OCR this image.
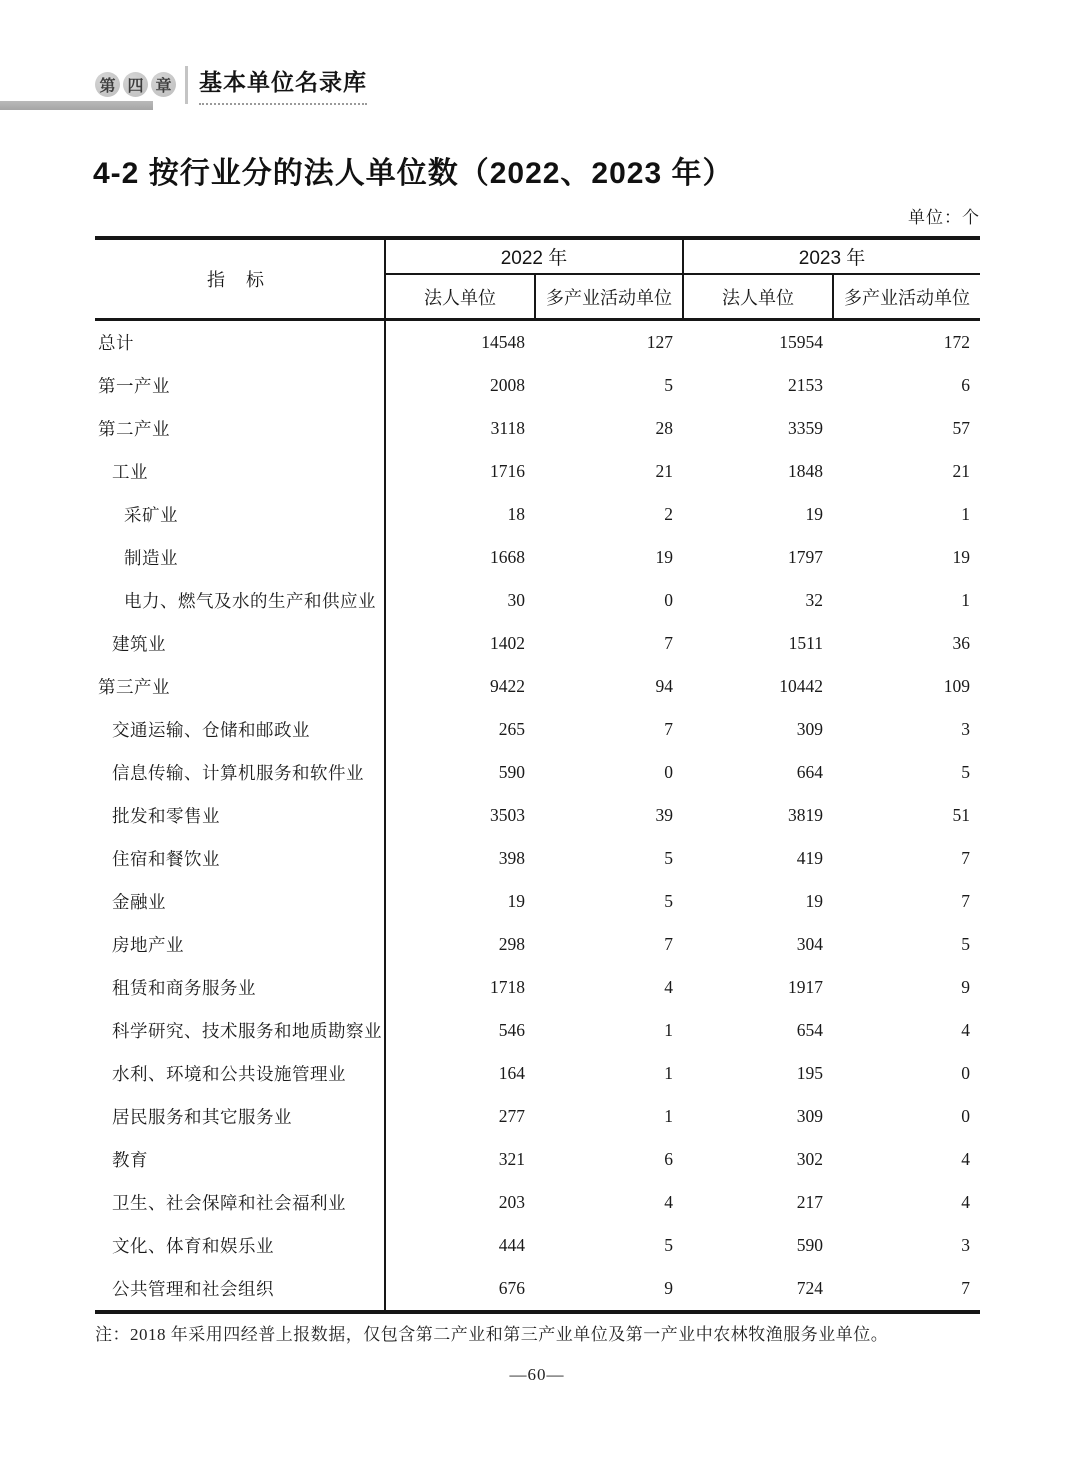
第 四 章 基本单位名录库
4-2 按行业分的法人单位数（2022、2023 年）
单位：个
指 标	2022 年		2023 年	
	法人单位	多产业活动单位	法人单位	多产业活动单位
总计	14548	127	15954	172
第一产业	2008	5	2153	6
第二产业	3118	28	3359	57
工业	1716	21	1848	21
采矿业	18	2	19	1
制造业	1668	19	1797	19
电力、燃气及水的生产和供应业	30	0	32	1
建筑业	1402	7	1511	36
第三产业	9422	94	10442	109
交通运输、仓储和邮政业	265	7	309	3
信息传输、计算机服务和软件业	590	0	664	5
批发和零售业	3503	39	3819	51
住宿和餐饮业	398	5	419	7
金融业	19	5	19	7
房地产业	298	7	304	5
租赁和商务服务业	1718	4	1917	9
科学研究、技术服务和地质勘察业	546	1	654	4
水利、环境和公共设施管理业	164	1	195	0
居民服务和其它服务业	277	1	309	0
教育	321	6	302	4
卫生、社会保障和社会福利业	203	4	217	4
文化、体育和娱乐业	444	5	590	3
公共管理和社会组织	676	9	724	7
注：2018 年采用四经普上报数据，仅包含第二产业和第三产业单位及第一产业中农林牧渔服务业单位。
—60—
